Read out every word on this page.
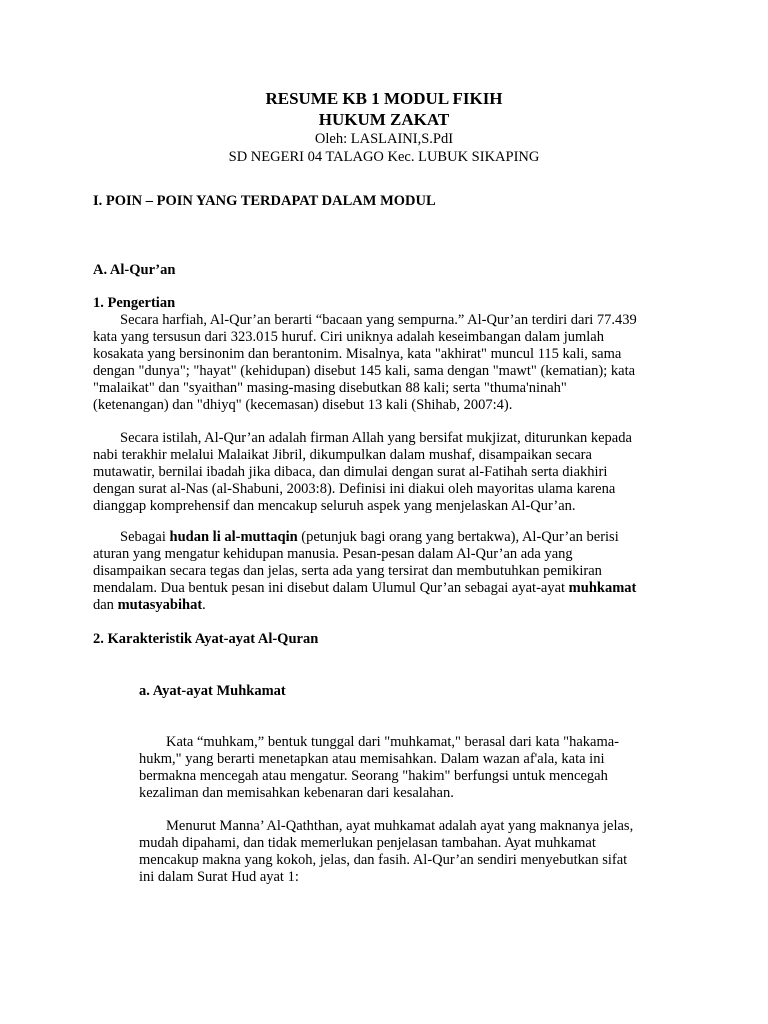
RESUME KB 1 MODUL FIKIH
HUKUM ZAKAT
Oleh: LASLAINI,S.PdI
SD NEGERI 04 TALAGO Kec. LUBUK SIKAPING
I. POIN – POIN YANG TERDAPAT DALAM MODUL
A. Al-Qur’an
1. Pengertian
Secara harfiah, Al-Qur’an berarti “bacaan yang sempurna.” Al-Qur’an terdiri dari 77.439
kata yang tersusun dari 323.015 huruf. Ciri uniknya adalah keseimbangan dalam jumlah
kosakata yang bersinonim dan berantonim. Misalnya, kata "akhirat" muncul 115 kali, sama
dengan "dunya"; "hayat" (kehidupan) disebut 145 kali, sama dengan "mawt" (kematian); kata
"malaikat" dan "syaithan" masing-masing disebutkan 88 kali; serta "thuma'ninah"
(ketenangan) dan "dhiyq" (kecemasan) disebut 13 kali (Shihab, 2007:4).
Secara istilah, Al-Qur’an adalah firman Allah yang bersifat mukjizat, diturunkan kepada
nabi terakhir melalui Malaikat Jibril, dikumpulkan dalam mushaf, disampaikan secara
mutawatir, bernilai ibadah jika dibaca, dan dimulai dengan surat al-Fatihah serta diakhiri
dengan surat al-Nas (al-Shabuni, 2003:8). Definisi ini diakui oleh mayoritas ulama karena
dianggap komprehensif dan mencakup seluruh aspek yang menjelaskan Al-Qur’an.
Sebagai hudan li al-muttaqin (petunjuk bagi orang yang bertakwa), Al-Qur’an berisi
aturan yang mengatur kehidupan manusia. Pesan-pesan dalam Al-Qur’an ada yang
disampaikan secara tegas dan jelas, serta ada yang tersirat dan membutuhkan pemikiran
mendalam. Dua bentuk pesan ini disebut dalam Ulumul Qur’an sebagai ayat-ayat muhkamat
dan mutasyabihat.
2. Karakteristik Ayat-ayat Al-Quran
a. Ayat-ayat Muhkamat
Kata “muhkam,” bentuk tunggal dari "muhkamat," berasal dari kata "hakama-
hukm," yang berarti menetapkan atau memisahkan. Dalam wazan af'ala, kata ini
bermakna mencegah atau mengatur. Seorang "hakim" berfungsi untuk mencegah
kezaliman dan memisahkan kebenaran dari kesalahan.
Menurut Manna’ Al-Qaththan, ayat muhkamat adalah ayat yang maknanya jelas,
mudah dipahami, dan tidak memerlukan penjelasan tambahan. Ayat muhkamat
mencakup makna yang kokoh, jelas, dan fasih. Al-Qur’an sendiri menyebutkan sifat
ini dalam Surat Hud ayat 1:
